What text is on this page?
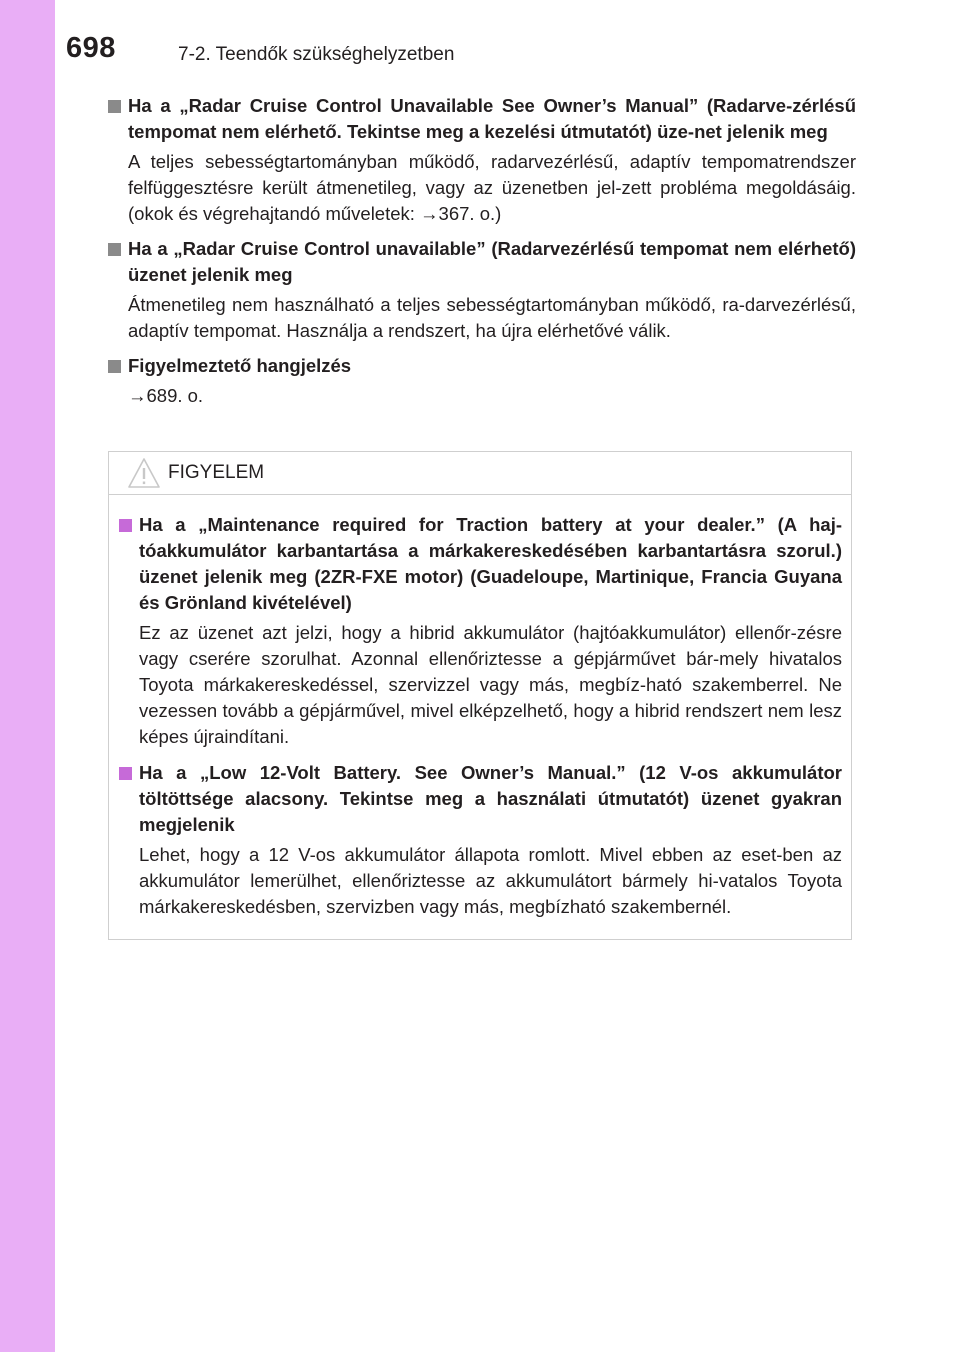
698	7-2. Teendők szükséghelyzetben
Ha a „Radar Cruise Control Unavailable See Owner’s Manual” (Radarve-zérlésű tempomat nem elérhető. Tekintse meg a kezelési útmutatót) üze-net jelenik meg
A teljes sebességtartományban működő, radarvezérlésű, adaptív tempomatrendszer felfüggesztésre került átmenetileg, vagy az üzenetben jel-zett probléma megoldásáig. (okok és végrehajtandó műveletek: →367. o.)
Ha a „Radar Cruise Control unavailable” (Radarvezérlésű tempomat nem elérhető) üzenet jelenik meg
Átmenetileg nem használható a teljes sebességtartományban működő, ra-darvezérlésű, adaptív tempomat. Használja a rendszert, ha újra elérhetővé válik.
Figyelmeztető hangjelzés
→689. o.
FIGYELEM
Ha a „Maintenance required for Traction battery at your dealer.” (A haj-tóakkumulátor karbantartása a márkakereskedésében karbantartásra szorul.) üzenet jelenik meg (2ZR-FXE motor) (Guadeloupe, Martinique, Francia Guyana és Grönland kivételével)
Ez az üzenet azt jelzi, hogy a hibrid akkumulátor (hajtóakkumulátor) ellenőr-zésre vagy cserére szorulhat. Azonnal ellenőriztesse a gépjárművet bár-mely hivatalos Toyota márkakereskedéssel, szervizzel vagy más, megbíz-ható szakemberrel. Ne vezessen tovább a gépjárművel, mivel elképzelhető, hogy a hibrid rendszert nem lesz képes újraindítani.
Ha a „Low 12-Volt Battery. See Owner’s Manual.” (12 V-os akkumulátor töltöttsége alacsony. Tekintse meg a használati útmutatót) üzenet gyakran megjelenik
Lehet, hogy a 12 V-os akkumulátor állapota romlott. Mivel ebben az eset-ben az akkumulátor lemerülhet, ellenőriztesse az akkumulátort bármely hi-vatalos Toyota márkakereskedésben, szervizben vagy más, megbízható szakembernél.
